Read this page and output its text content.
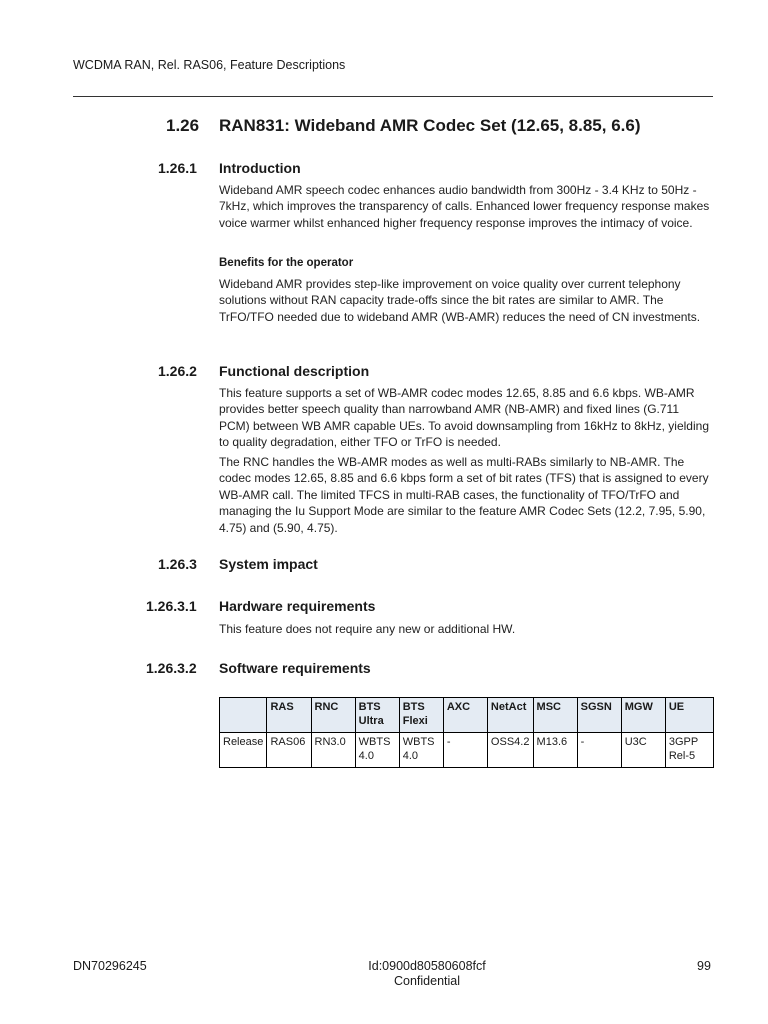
WCDMA RAN, Rel. RAS06, Feature Descriptions
1.26 RAN831: Wideband AMR Codec Set (12.65, 8.85, 6.6)
1.26.1 Introduction
Wideband AMR speech codec enhances audio bandwidth from 300Hz - 3.4 KHz to 50Hz - 7kHz, which improves the transparency of calls. Enhanced lower frequency response makes voice warmer whilst enhanced higher frequency response improves the intimacy of voice.
Benefits for the operator
Wideband AMR provides step-like improvement on voice quality over current telephony solutions without RAN capacity trade-offs since the bit rates are similar to AMR. The TrFO/TFO needed due to wideband AMR (WB-AMR) reduces the need of CN investments.
1.26.2 Functional description
This feature supports a set of WB-AMR codec modes 12.65, 8.85 and 6.6 kbps. WB-AMR provides better speech quality than narrowband AMR (NB-AMR) and fixed lines (G.711 PCM) between WB AMR capable UEs. To avoid downsampling from 16kHz to 8kHz, yielding to quality degradation, either TFO or TrFO is needed.
The RNC handles the WB-AMR modes as well as multi-RABs similarly to NB-AMR. The codec modes 12.65, 8.85 and 6.6 kbps form a set of bit rates (TFS) that is assigned to every WB-AMR call. The limited TFCS in multi-RAB cases, the functionality of TFO/TrFO and managing the Iu Support Mode are similar to the feature AMR Codec Sets (12.2, 7.95, 5.90, 4.75) and (5.90, 4.75).
1.26.3 System impact
1.26.3.1 Hardware requirements
This feature does not require any new or additional HW.
1.26.3.2 Software requirements
	RAS	RNC	BTS Ultra	BTS Flexi	AXC	NetAct	MSC	SGSN	MGW	UE
Release	RAS06	RN3.0	WBTS 4.0	WBTS 4.0	-	OSS4.2	M13.6	-	U3C	3GPP Rel-5
DN70296245	Id:0900d80580608fcf
Confidential
99
